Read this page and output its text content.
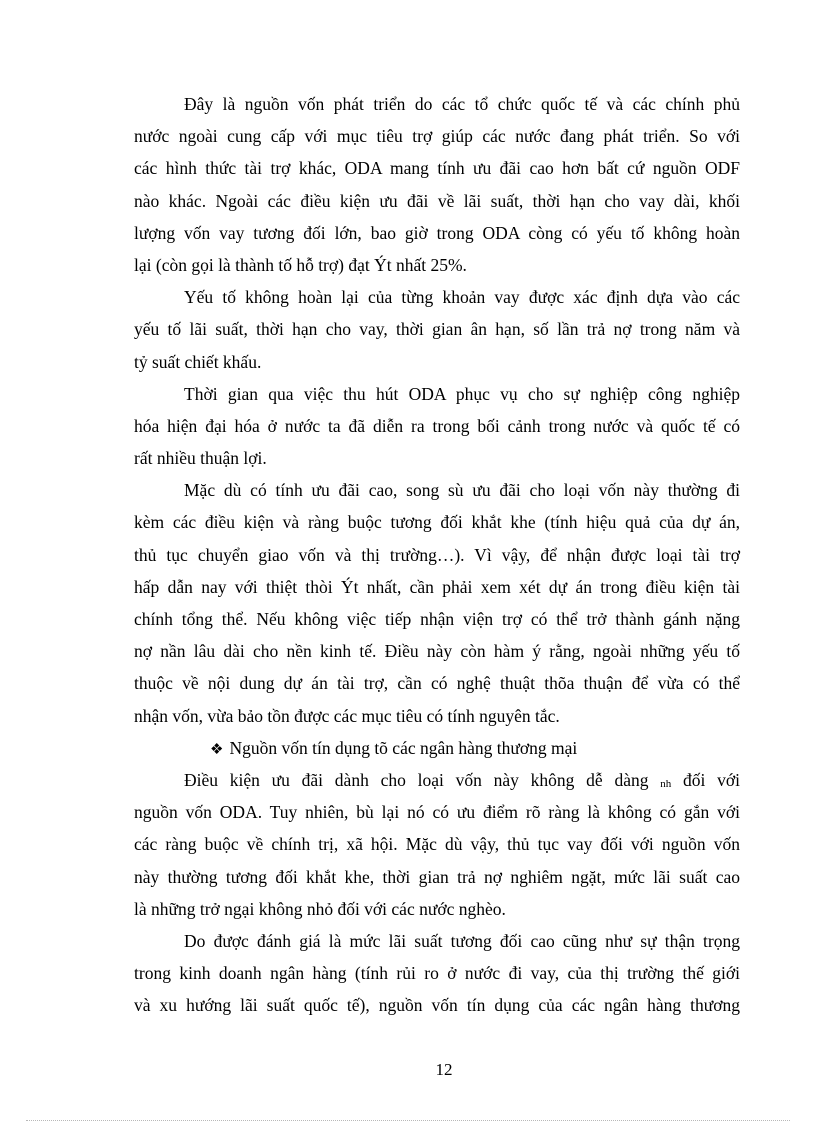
Đây là nguồn vốn phát triển do các tổ chức quốc tế và các chính phủ
nước ngoài cung cấp với mục tiêu trợ giúp các nước đang phát triển. So với
các hình thức tài trợ khác, ODA mang tính ưu đãi cao hơn bất cứ nguồn ODF
nào khác. Ngoài các điều kiện ưu đãi về lãi suất, thời hạn cho vay dài, khối
lượng vốn vay tương đối lớn, bao giờ trong ODA còng có yếu tố không hoàn
lại (còn gọi là thành tố hỗ trợ) đạt Ýt nhất 25%.
Yếu tố không hoàn lại của từng khoản vay được xác định dựa vào các
yếu tố lãi suất, thời hạn cho vay, thời gian ân hạn, số lần trả nợ trong năm và
tỷ suất chiết khấu.
Thời gian qua việc thu hút ODA phục vụ cho sự nghiệp công nghiệp
hóa hiện đại hóa ở nước ta đã diễn ra trong bối cảnh trong nước và quốc tế có
rất nhiều thuận lợi.
Mặc dù có tính ưu đãi cao, song sù ưu đãi cho loại vốn này thường đi
kèm các điều kiện và ràng buộc tương đối khắt khe (tính hiệu quả của dự án,
thủ tục chuyển giao vốn và thị trường…). Vì vậy, để nhận được loại tài trợ
hấp dẫn nay với thiệt thòi Ýt nhất, cần phải xem xét dự án trong điều kiện tài
chính tổng thể. Nếu không việc tiếp nhận viện trợ có thể trở thành gánh nặng
nợ nần lâu dài cho nền kinh tế. Điều này còn hàm ý rằng, ngoài những yếu tố
thuộc về nội dung dự án tài trợ, cần có nghệ thuật thõa thuận để vừa có thể
nhận vốn, vừa bảo tồn được các mục tiêu có tính nguyên tắc.
❖ Nguồn vốn tín dụng tõ các ngân hàng thương mại
Điều kiện ưu đãi dành cho loại vốn này không dễ dàng nh đối với
nguồn vốn ODA. Tuy nhiên, bù lại nó có ưu điểm rõ ràng là không có gắn với
các ràng buộc về chính trị, xã hội. Mặc dù vậy, thủ tục vay đối với nguồn vốn
này thường tương đối khắt khe, thời gian trả nợ nghiêm ngặt, mức lãi suất cao
là những trở ngại không nhỏ đối với các nước nghèo.
Do được đánh giá là mức lãi suất tương đối cao cũng như sự thận trọng
trong kinh doanh ngân hàng (tính rủi ro ở nước đi vay, của thị trường thế giới
và xu hướng lãi suất quốc tế), nguồn vốn tín dụng của các ngân hàng thương
12
